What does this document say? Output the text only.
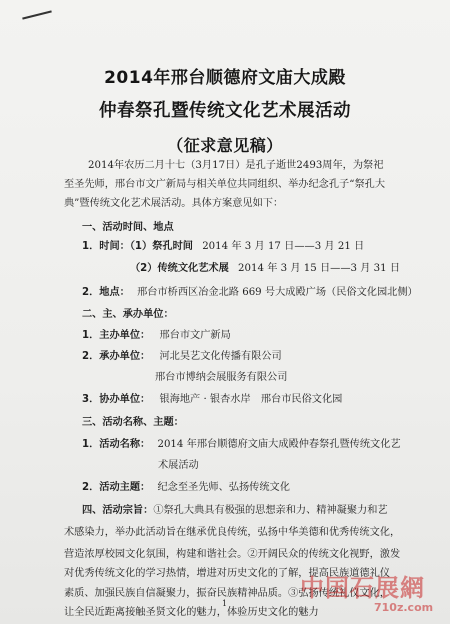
2014年邢台顺德府文庙大成殿
仲春祭孔暨传统文化艺术展活动
（征求意见稿）
2014年农历二月十七（3月17日）是孔子逝世2493周年，为祭祀至圣先师，邢台市文广新局与相关单位共同组织、举办纪念孔子“祭孔大典”暨传统文化艺术展活动。具体方案意见如下：
一、活动时间、地点
1．时间：（1）祭孔时间 2014 年 3 月 17 日——3 月 21 日
（2）传统文化艺术展 2014 年 3 月 15 日——3 月 31 日
2．地点： 邢台市桥西区冶金北路 669 号大成殿广场（民俗文化园北侧）
二、主、承办单位：
1．主办单位： 邢台市文广新局
2．承办单位： 河北昊艺文化传播有限公司
邢台市博纳会展服务有限公司
3．协办单位： 银海地产 · 银杏水岸　邢台市民俗文化园
三、活动名称、主题：
1．活动名称： 2014 年邢台顺德府文庙大成殿仲春祭孔暨传统文化艺
术展活动
2．活动主题： 纪念至圣先师、弘扬传统文化
四、活动宗旨：①祭孔大典具有极强的思想亲和力、精神凝聚力和艺
术感染力，举办此活动旨在继承优良传统，弘扬中华美德和优秀传统文化，
营造浓厚校园文化氛围，构建和谐社会。②开阔民众的传统文化视野，激发
对优秀传统文化的学习热情，增进对历史文化的了解，提高民族道德礼仪
素质、加强民族自信凝聚力，振奋民族精神品质。③弘扬传统礼仪文化，
让全民近距离接触圣贤文化的魅力，体验历史文化的魅力
1
中国石展網
710z.com
